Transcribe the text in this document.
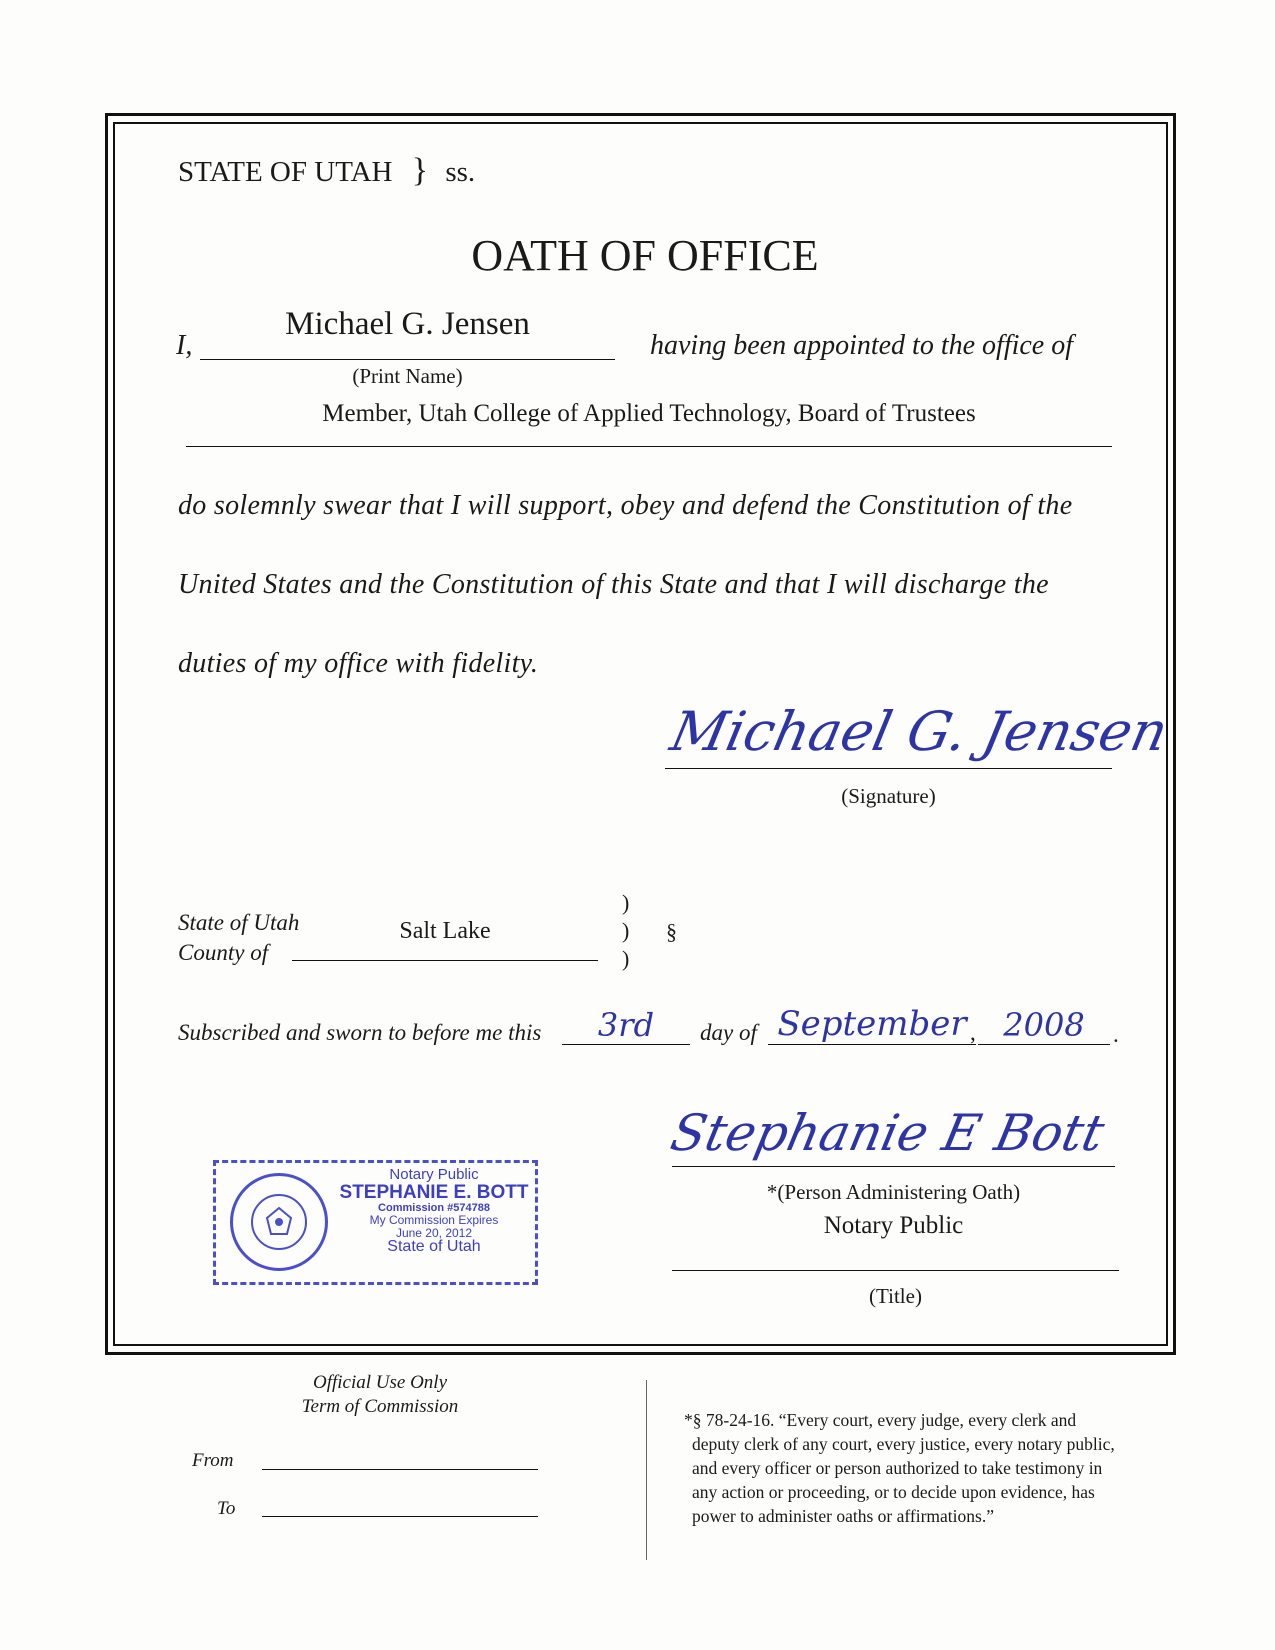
STATE OF UTAH } ss.
OATH OF OFFICE
I,
Michael G. Jensen
(Print Name)
having been appointed to the office of
Member, Utah College of Applied Technology, Board of Trustees
do solemnly swear that I will support, obey and defend the Constitution of the
United States and the Constitution of this State and that I will discharge the
duties of my office with fidelity.
Michael G. Jensen
(Signature)
State of Utah
County of
Salt Lake
)
)
)
§
Subscribed and sworn to before me this	3rd	day of September , 2008	.
Stephanie E Bott
*(Person Administering Oath)
Notary Public
(Title)
Notary Public
STEPHANIE E. BOTT
Commission #574788
My Commission Expires
June 20, 2012
State of Utah
Official Use Only
Term of Commission
From
To
*§ 78-24-16. “Every court, every judge, every clerk and
deputy clerk of any court, every justice, every notary public,
and every officer or person authorized to take testimony in
any action or proceeding, or to decide upon evidence, has
power to administer oaths or affirmations.”
